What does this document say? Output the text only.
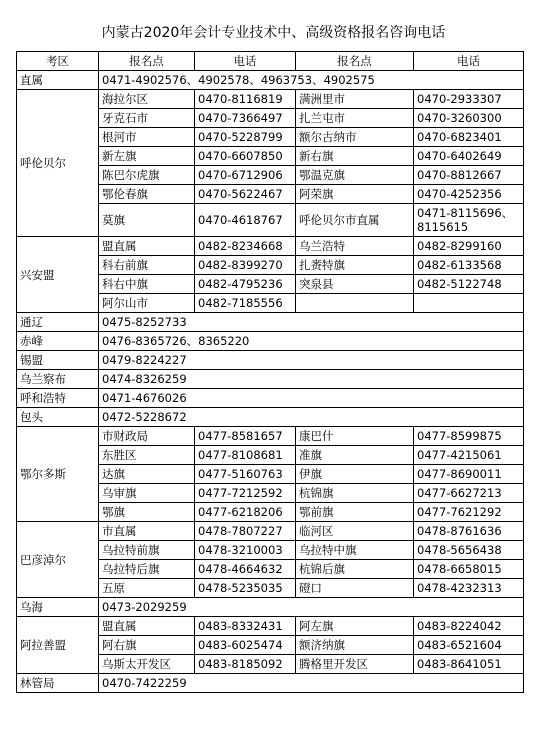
内蒙古2020年会计专业技术中、高级资格报名咨询电话
考区	报名点	电话	报名点	电话
直属	0471-4902576、4902578、4963753、4902575			
呼伦贝尔	海拉尔区	0470-8116819	满洲里市	0470-2933307
	牙克石市	0470-7366497	扎兰屯市	0470-3260300
	根河市	0470-5228799	额尔古纳市	0470-6823401
	新左旗	0470-6607850	新右旗	0470-6402649
	陈巴尔虎旗	0470-6712906	鄂温克旗	0470-8812667
	鄂伦春旗	0470-5622467	阿荣旗	0470-4252356
	莫旗	0470-4618767	呼伦贝尔市直属	0471-8115696、8115615
兴安盟	盟直属	0482-8234668	乌兰浩特	0482-8299160
	科右前旗	0482-8399270	扎赉特旗	0482-6133568
	科右中旗	0482-4795236	突泉县	0482-5122748
	阿尔山市	0482-7185556		
通辽	0475-8252733			
赤峰	0476-8365726、8365220			
锡盟	0479-8224227			
乌兰察布	0474-8326259			
呼和浩特	0471-4676026			
包头	0472-5228672			
鄂尔多斯	市财政局	0477-8581657	康巴什	0477-8599875
	东胜区	0477-8108681	准旗	0477-4215061
	达旗	0477-5160763	伊旗	0477-8690011
	乌审旗	0477-7212592	杭锦旗	0477-6627213
	鄂旗	0477-6218206	鄂前旗	0477-7621292
巴彦淖尔	市直属	0478-7807227	临河区	0478-8761636
	乌拉特前旗	0478-3210003	乌拉特中旗	0478-5656438
	乌拉特后旗	0478-4664632	杭锦后旗	0478-6658015
	五原	0478-5235035	磴口	0478-4232313
乌海	0473-2029259			
阿拉善盟	盟直属	0483-8332431	阿左旗	0483-8224042
	阿右旗	0483-6025474	额济纳旗	0483-6521604
	乌斯太开发区	0483-8185092	腾格里开发区	0483-8641051
林管局	0470-7422259			
